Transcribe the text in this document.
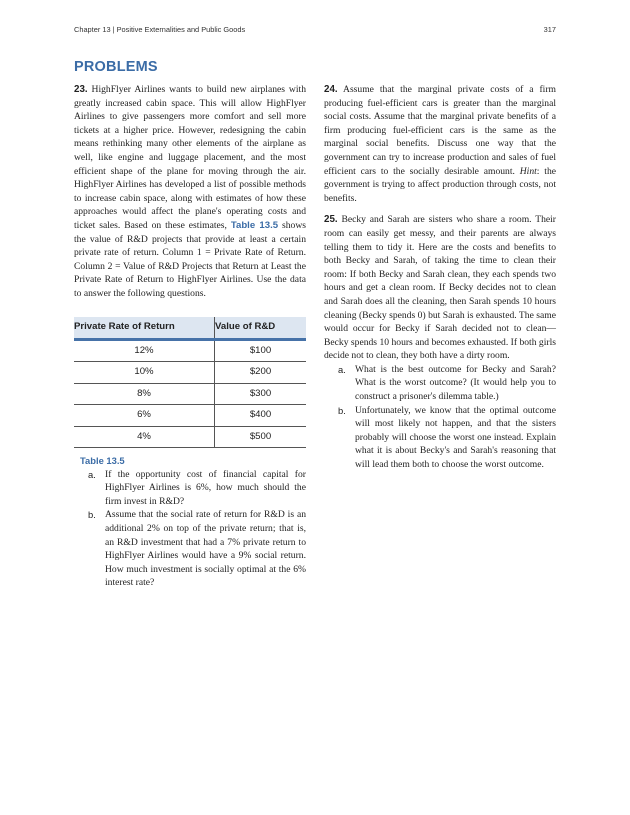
Chapter 13 | Positive Externalities and Public Goods	317
PROBLEMS

23. HighFlyer Airlines wants to build new airplanes with greatly increased cabin space. This will allow HighFlyer Airlines to give passengers more comfort and sell more tickets at a higher price. However, redesigning the cabin means rethinking many other elements of the airplane as well, like engine and luggage placement, and the most efficient shape of the plane for moving through the air. HighFlyer Airlines has developed a list of possible methods to increase cabin space, along with estimates of how these approaches would affect the plane's operating costs and ticket sales. Based on these estimates, Table 13.5 shows the value of R&D projects that provide at least a certain private rate of return. Column 1 = Private Rate of Return. Column 2 = Value of R&D Projects that Return at Least the Private Rate of Return to HighFlyer Airlines. Use the data to answer the following questions.

Private Rate of Return	Value of R&D
12%	$100
10%	$200
8%	$300
6%	$400
4%	$500
Table 13.5
a. If the opportunity cost of financial capital for HighFlyer Airlines is 6%, how much should the firm invest in R&D?
b. Assume that the social rate of return for R&D is an additional 2% on top of the private return; that is, an R&D investment that had a 7% private return to HighFlyer Airlines would have a 9% social return. How much investment is socially optimal at the 6% interest rate?

24. Assume that the marginal private costs of a firm producing fuel-efficient cars is greater than the marginal social costs. Assume that the marginal private benefits of a firm producing fuel-efficient cars is the same as the marginal social benefits. Discuss one way that the government can try to increase production and sales of fuel efficient cars to the socially desirable amount. Hint: the government is trying to affect production through costs, not benefits.

25. Becky and Sarah are sisters who share a room. Their room can easily get messy, and their parents are always telling them to tidy it. Here are the costs and benefits to both Becky and Sarah, of taking the time to clean their room: If both Becky and Sarah clean, they each spends two hours and get a clean room. If Becky decides not to clean and Sarah does all the cleaning, then Sarah spends 10 hours cleaning (Becky spends 0) but Sarah is exhausted. The same would occur for Becky if Sarah decided not to clean—Becky spends 10 hours and becomes exhausted. If both girls decide not to clean, they both have a dirty room.

a. What is the best outcome for Becky and Sarah? What is the worst outcome? (It would help you to construct a prisoner's dilemma table.)
b. Unfortunately, we know that the optimal outcome will most likely not happen, and that the sisters probably will choose the worst one instead. Explain what it is about Becky's and Sarah's reasoning that will lead them both to choose the worst outcome.
